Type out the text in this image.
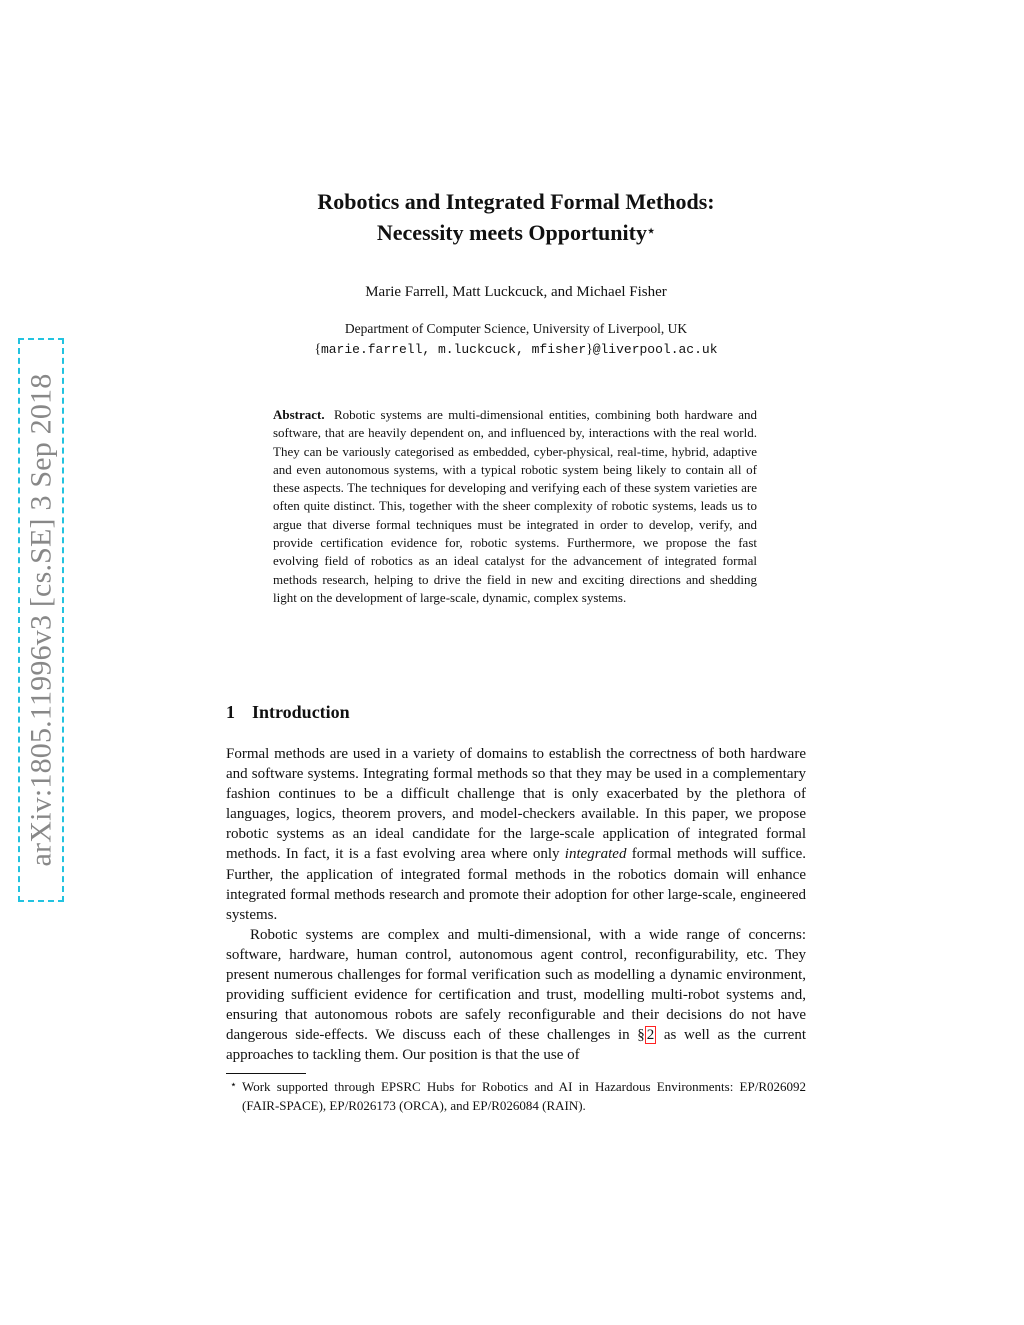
arXiv:1805.11996v3 [cs.SE] 3 Sep 2018
Robotics and Integrated Formal Methods:
Necessity meets Opportunity⋆
Marie Farrell, Matt Luckcuck, and Michael Fisher
Department of Computer Science, University of Liverpool, UK
{marie.farrell, m.luckcuck, mfisher}@liverpool.ac.uk
Abstract. Robotic systems are multi-dimensional entities, combining both hardware and software, that are heavily dependent on, and influenced by, interactions with the real world. They can be variously categorised as embedded, cyber-physical, real-time, hybrid, adaptive and even autonomous systems, with a typical robotic system being likely to contain all of these aspects. The techniques for developing and verifying each of these system varieties are often quite distinct. This, together with the sheer complexity of robotic systems, leads us to argue that diverse formal techniques must be integrated in order to develop, verify, and provide certification evidence for, robotic systems. Furthermore, we propose the fast evolving field of robotics as an ideal catalyst for the advancement of integrated formal methods research, helping to drive the field in new and exciting directions and shedding light on the development of large-scale, dynamic, complex systems.
1 Introduction

Formal methods are used in a variety of domains to establish the correctness of both hardware and software systems. Integrating formal methods so that they may be used in a complementary fashion continues to be a difficult challenge that is only exacerbated by the plethora of languages, logics, theorem provers, and model-checkers available. In this paper, we propose robotic systems as an ideal candidate for the large-scale application of integrated formal methods. In fact, it is a fast evolving area where only integrated formal methods will suffice. Further, the application of integrated formal methods in the robotics domain will enhance integrated formal methods research and promote their adoption for other large-scale, engineered systems.

Robotic systems are complex and multi-dimensional, with a wide range of concerns: software, hardware, human control, autonomous agent control, reconfigurability, etc. They present numerous challenges for formal verification such as modelling a dynamic environment, providing sufficient evidence for certification and trust, modelling multi-robot systems and, ensuring that autonomous robots are safely reconfigurable and their decisions do not have dangerous side-effects. We discuss each of these challenges in § 2 as well as the current approaches to tackling them. Our position is that the use of

⋆ Work supported through EPSRC Hubs for Robotics and AI in Hazardous Environments: EP/R026092 (FAIR-SPACE), EP/R026173 (ORCA), and EP/R026084 (RAIN).
